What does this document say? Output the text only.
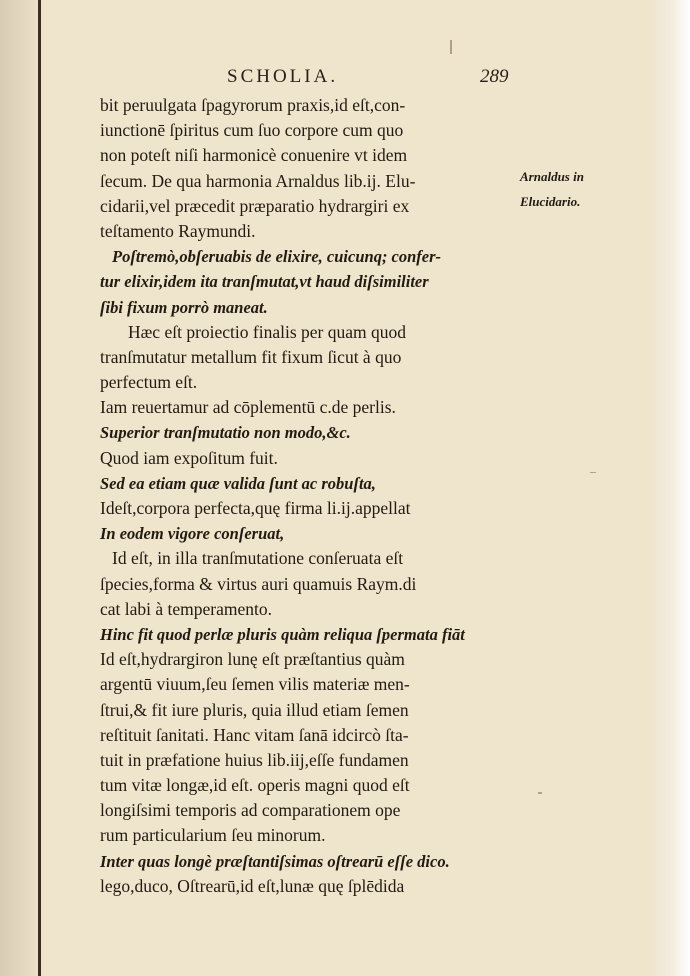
SCHOLIA.	289
bit peruulgata ſpagyrorum praxis,id eſt,con-
iunctionē ſpiritus cum ſuo corpore cum quo
non poteſt niſi harmonicè conuenire vt idem
ſecum. De qua harmonia Arnaldus lib.ij. Elu-
cidarii,vel præcedit præparatio hydrargiri ex
teſtamento Raymundi.
Poſtremò,obſeruabis de elixire, cuicunq; confer-
tur elixir,idem ita tranſmutat,vt haud diſsimiliter
ſibi fixum porrò maneat.
Hæc eſt proiectio finalis per quam quod
tranſmutatur metallum fit fixum ſicut à quo
perfectum eſt.
Iam reuertamur ad cōplementū c.de perlis.
Superior tranſmutatio non modo,&c.
Quod iam expoſitum fuit.
Sed ea etiam quæ valida ſunt ac robuſta,
Ideſt,corpora perfecta,quę firma li.ij.appellat
In eodem vigore conſeruat,
Id eſt, in illa tranſmutatione conſeruata eſt
ſpecies,forma & virtus auri quamuis Raym.di
cat labi à temperamento.
Hinc fit quod perlæ pluris quàm reliqua ſpermata fiāt
Id eſt,hydrargiron lunę eſt præſtantius quàm
argentū viuum,ſeu ſemen vilis materiæ men-
ſtrui,& fit iure pluris, quia illud etiam ſemen
reſtituit ſanitati. Hanc vitam ſanā idcircò ſta-
tuit in præfatione huius lib.iij,eſſe fundamen
tum vitæ longæ,id eſt. operis magni quod eſt
longiſsimi temporis ad comparationem ope
rum particularium ſeu minorum.
Inter quas longè præſtantiſsimas oſtrearū eſſe dico.
lego,duco, Oſtrearū,id eſt,lunæ quę ſplēdida
Arnaldus in
Elucidario.
